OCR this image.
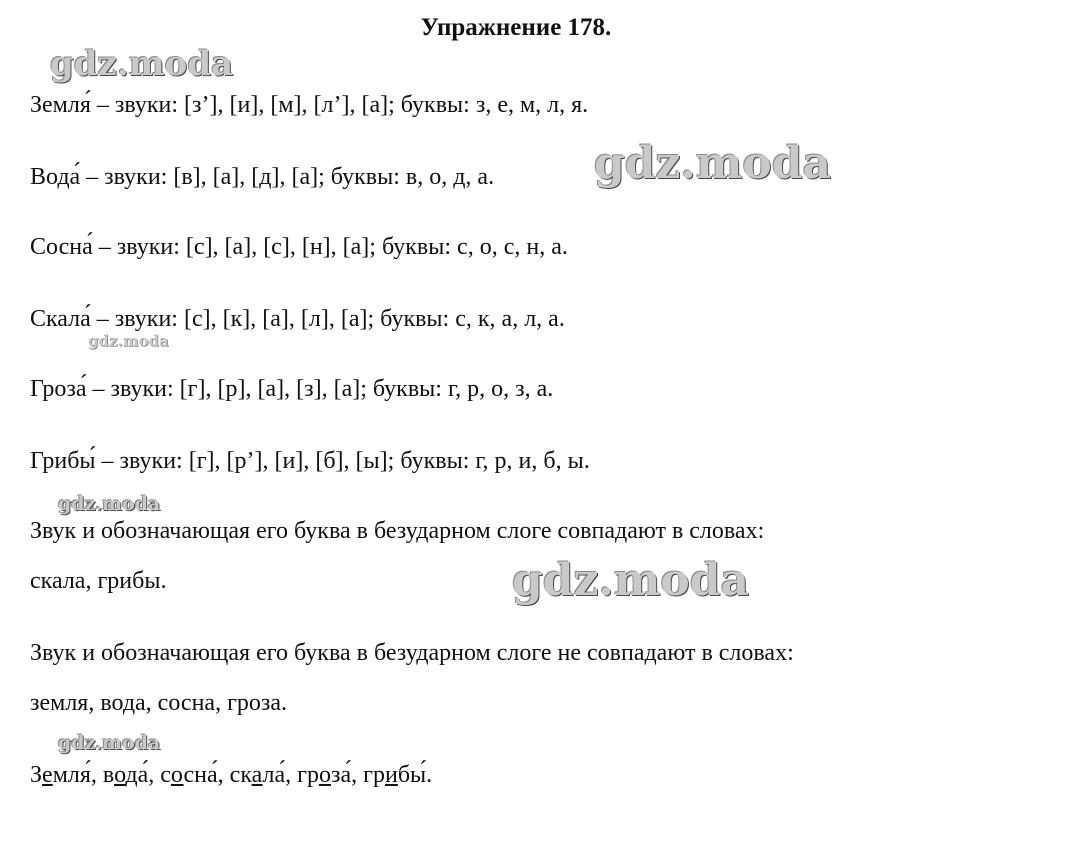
Упражнение 178.
gdz.moda
gdz.moda
gdz.moda
gdz.moda
gdz.moda
gdz.moda
Земля́ – звуки: [з’], [и], [м], [л’], [а]; буквы: з, е, м, л, я.
Вода́ – звуки: [в], [а], [д], [а]; буквы: в, о, д, а.
Сосна́ – звуки: [с], [а], [с], [н], [а]; буквы: с, о, с, н, а.
Скала́ – звуки: [с], [к], [а], [л], [а]; буквы: с, к, а, л, а.
Гроза́ – звуки: [г], [р], [а], [з], [а]; буквы: г, р, о, з, а.
Грибы́ – звуки: [г], [р’], [и], [б], [ы]; буквы: г, р, и, б, ы.
Звук и обозначающая его буква в безударном слоге совпадают в словах:
скала, грибы.
Звук и обозначающая его буква в безударном слоге не совпадают в словах:
земля, вода, сосна, гроза.
Земля́, вода́, сосна́, скала́, гроза́, грибы́.
